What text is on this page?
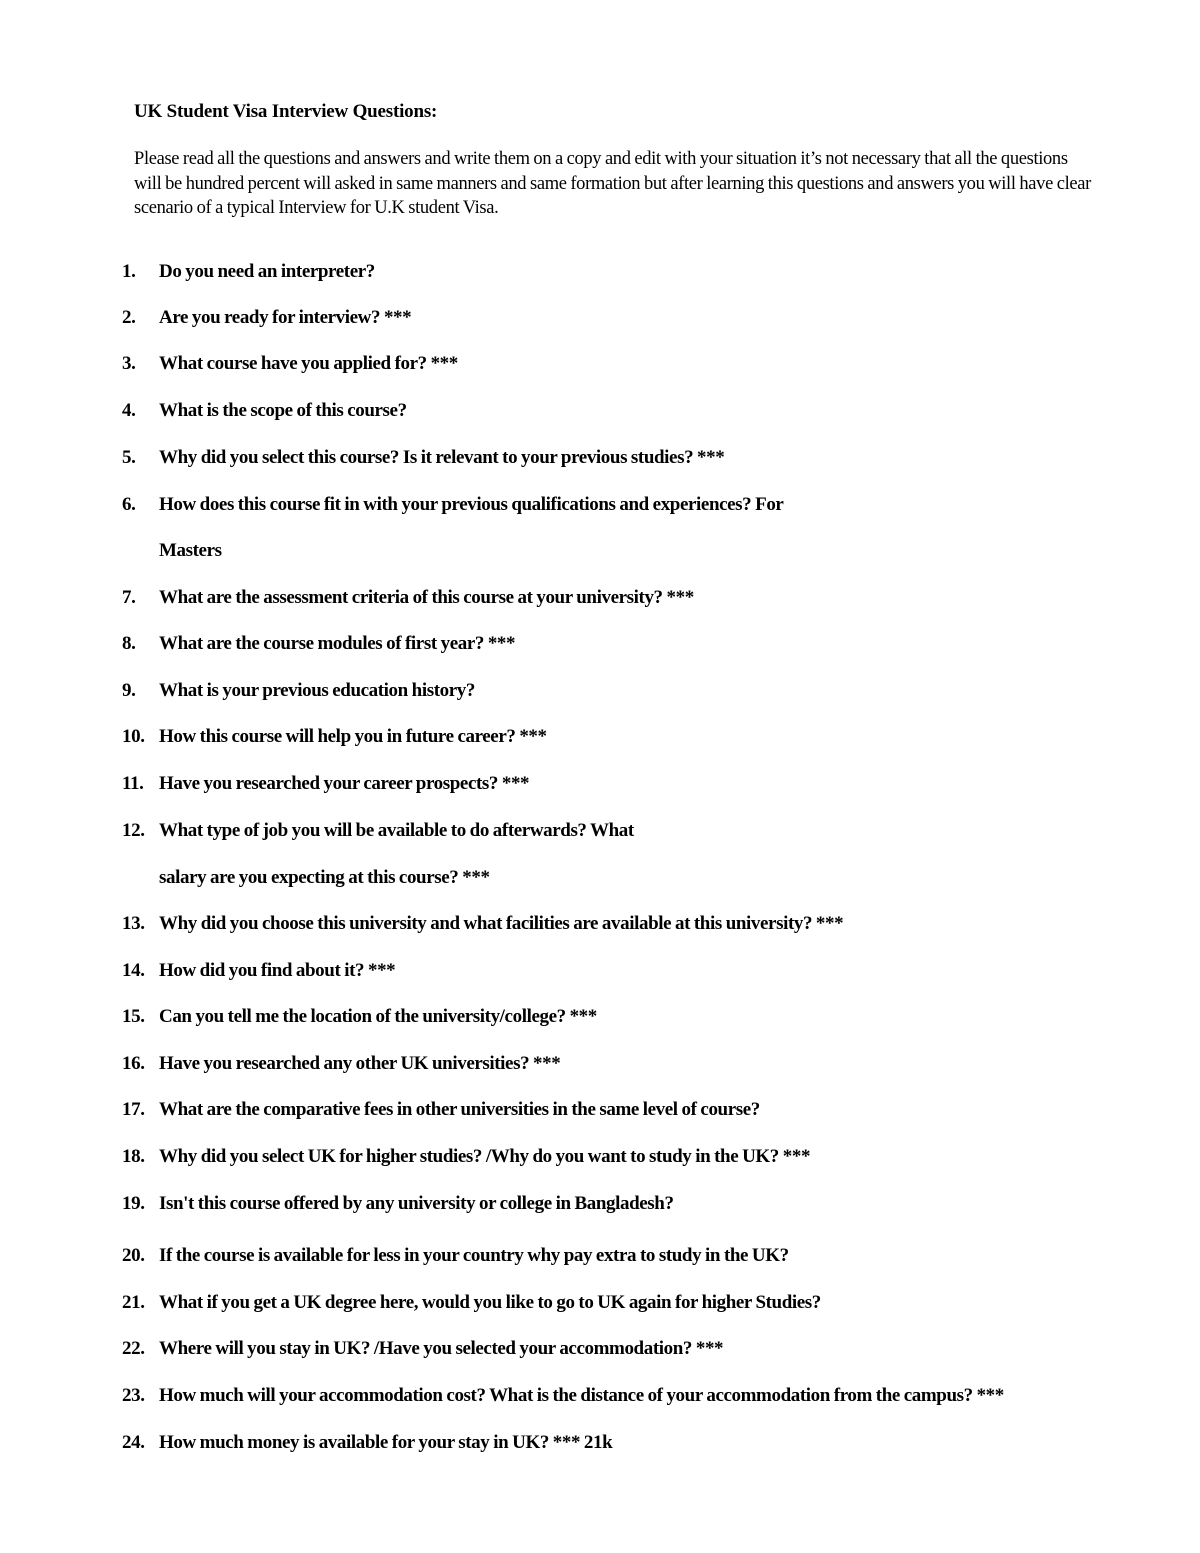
UK Student Visa Interview Questions:
Please read all the questions and answers and write them on a copy and edit with your situation it’s not necessary that all the questions will be hundred percent will asked in same manners and same formation but after learning this questions and answers you will have clear scenario of a typical Interview for U.K student Visa.
1. Do you need an interpreter?
2. Are you ready for interview? ***
3. What course have you applied for? ***
4. What is the scope of this course?
5. Why did you select this course? Is it relevant to your previous studies? ***
6. How does this course fit in with your previous qualifications and experiences? For
Masters
7. What are the assessment criteria of this course at your university? ***
8. What are the course modules of first year? ***
9. What is your previous education history?
10. How this course will help you in future career? ***
11. Have you researched your career prospects? ***
12. What type of job you will be available to do afterwards? What
salary are you expecting at this course? ***
13. Why did you choose this university and what facilities are available at this university? ***
14. How did you find about it? ***
15. Can you tell me the location of the university/college? ***
16. Have you researched any other UK universities? ***
17. What are the comparative fees in other universities in the same level of course?
18. Why did you select UK for higher studies? /Why do you want to study in the UK? ***
19. Isn't this course offered by any university or college in Bangladesh?
20. If the course is available for less in your country why pay extra to study in the UK?
21. What if you get a UK degree here, would you like to go to UK again for higher Studies?
22. Where will you stay in UK? /Have you selected your accommodation? ***
23. How much will your accommodation cost? What is the distance of your accommodation from the campus? ***
24. How much money is available for your stay in UK? *** 21k
